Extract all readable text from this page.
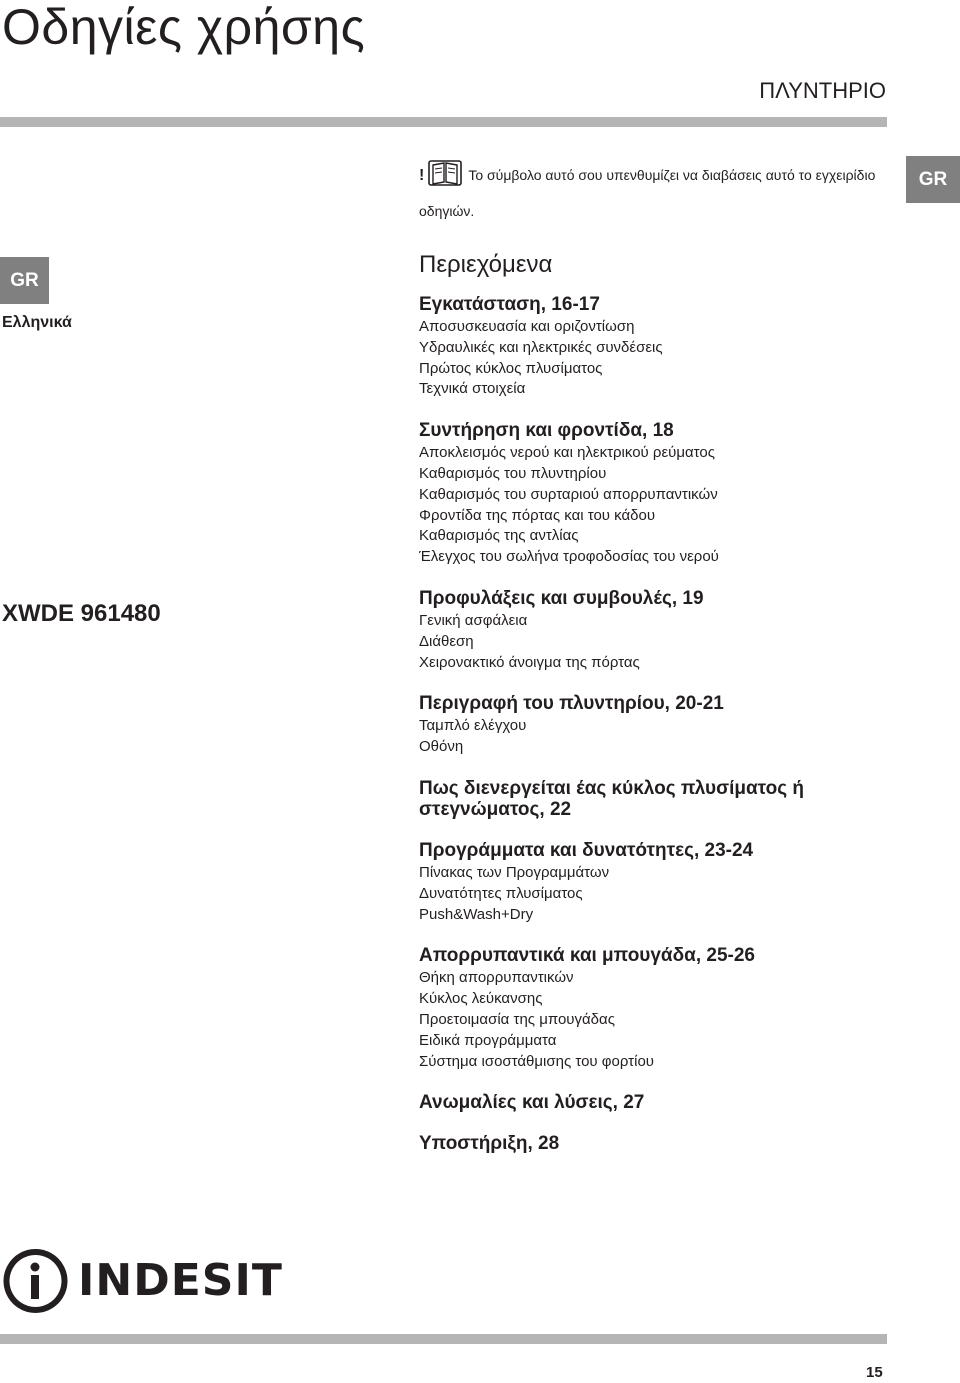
Οδηγίες χρήσης
ΠΛΥΝΤΗΡΙΟ
GR
!	Το σύμβολο αυτό σου υπενθυμίζει να διαβάσεις αυτό το εγχειρίδιο οδηγιών.
GR
Ελληνικά
XWDE 961480
Περιεχόμενα
Εγκατάσταση, 16-17
Αποσυσκευασία και οριζοντίωση
Υδραυλικές και ηλεκτρικές συνδέσεις
Πρώτος κύκλος πλυσίματος
Τεχνικά στοιχεία
Συντήρηση και φροντίδα, 18
Αποκλεισμός νερού και ηλεκτρικού ρεύματος
Καθαρισμός του πλυντηρίου
Καθαρισμός του συρταριού απορρυπαντικών
Φροντίδα της πόρτας και του κάδου
Καθαρισμός της αντλίας
Έλεγχος του σωλήνα τροφοδοσίας του νερού
Προφυλάξεις και συμβουλές, 19
Γενική ασφάλεια
Διάθεση
Χειρονακτικό άνοιγμα της πόρτας
Περιγραφή του πλυντηρίου, 20-21
Ταμπλό ελέγχου
Οθόνη
Πως διενεργείται έας κύκλος πλυσίματος ή στεγνώματος, 22
Προγράμματα και δυνατότητες, 23-24
Πίνακας των Προγραμμάτων
Δυνατότητες πλυσίματος
Push&Wash+Dry
Απορρυπαντικά και μπουγάδα, 25-26
Θήκη απορρυπαντικών
Κύκλος λεύκανσης
Προετοιμασία της μπουγάδας
Ειδικά προγράμματα
Σύστημα ισοστάθμισης του φορτίου
Ανωμαλίες και λύσεις, 27
Υποστήριξη, 28
INDESIT
15
